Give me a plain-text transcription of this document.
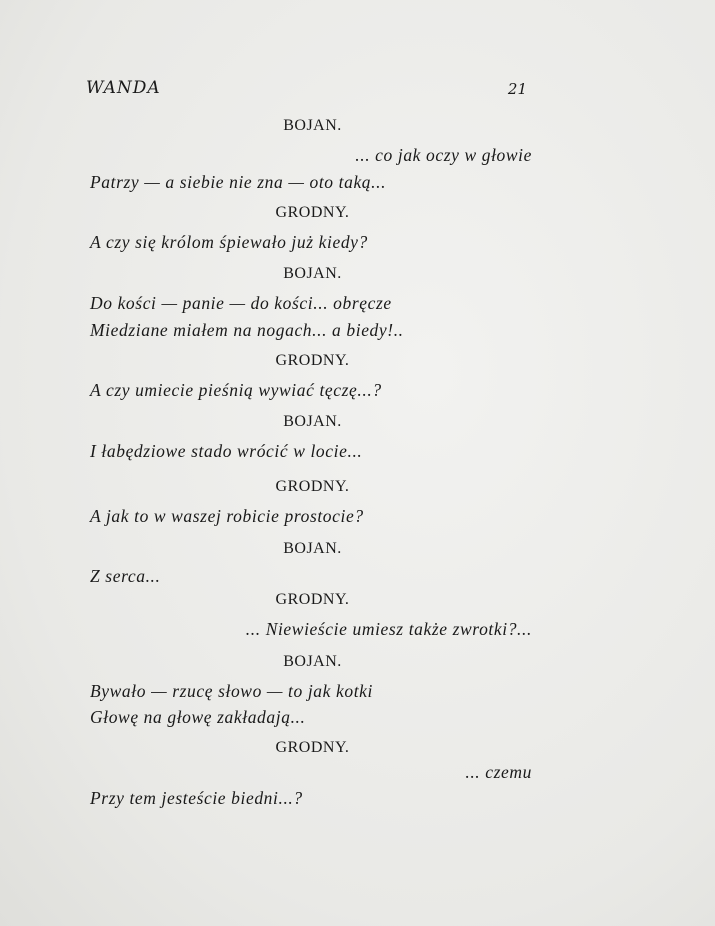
WANDA	21
BOJAN.
... co jak oczy w głowie
Patrzy — a siebie nie zna — oto taką...
GRODNY.
A czy się królom śpiewało już kiedy?
BOJAN.
Do kości — panie — do kości... obręcze
Miedziane miałem na nogach... a biedy!..
GRODNY.
A czy umiecie pieśnią wywiać tęczę...?
BOJAN.
I łabędziowe stado wrócić w locie...
GRODNY.
A jak to w waszej robicie prostocie?
BOJAN.
Z serca...
GRODNY.
... Niewieście umiesz także zwrotki?...
BOJAN.
Bywało — rzucę słowo — to jak kotki
Głowę na głowę zakładają...
GRODNY.
... czemu
Przy tem jesteście biedni...?
